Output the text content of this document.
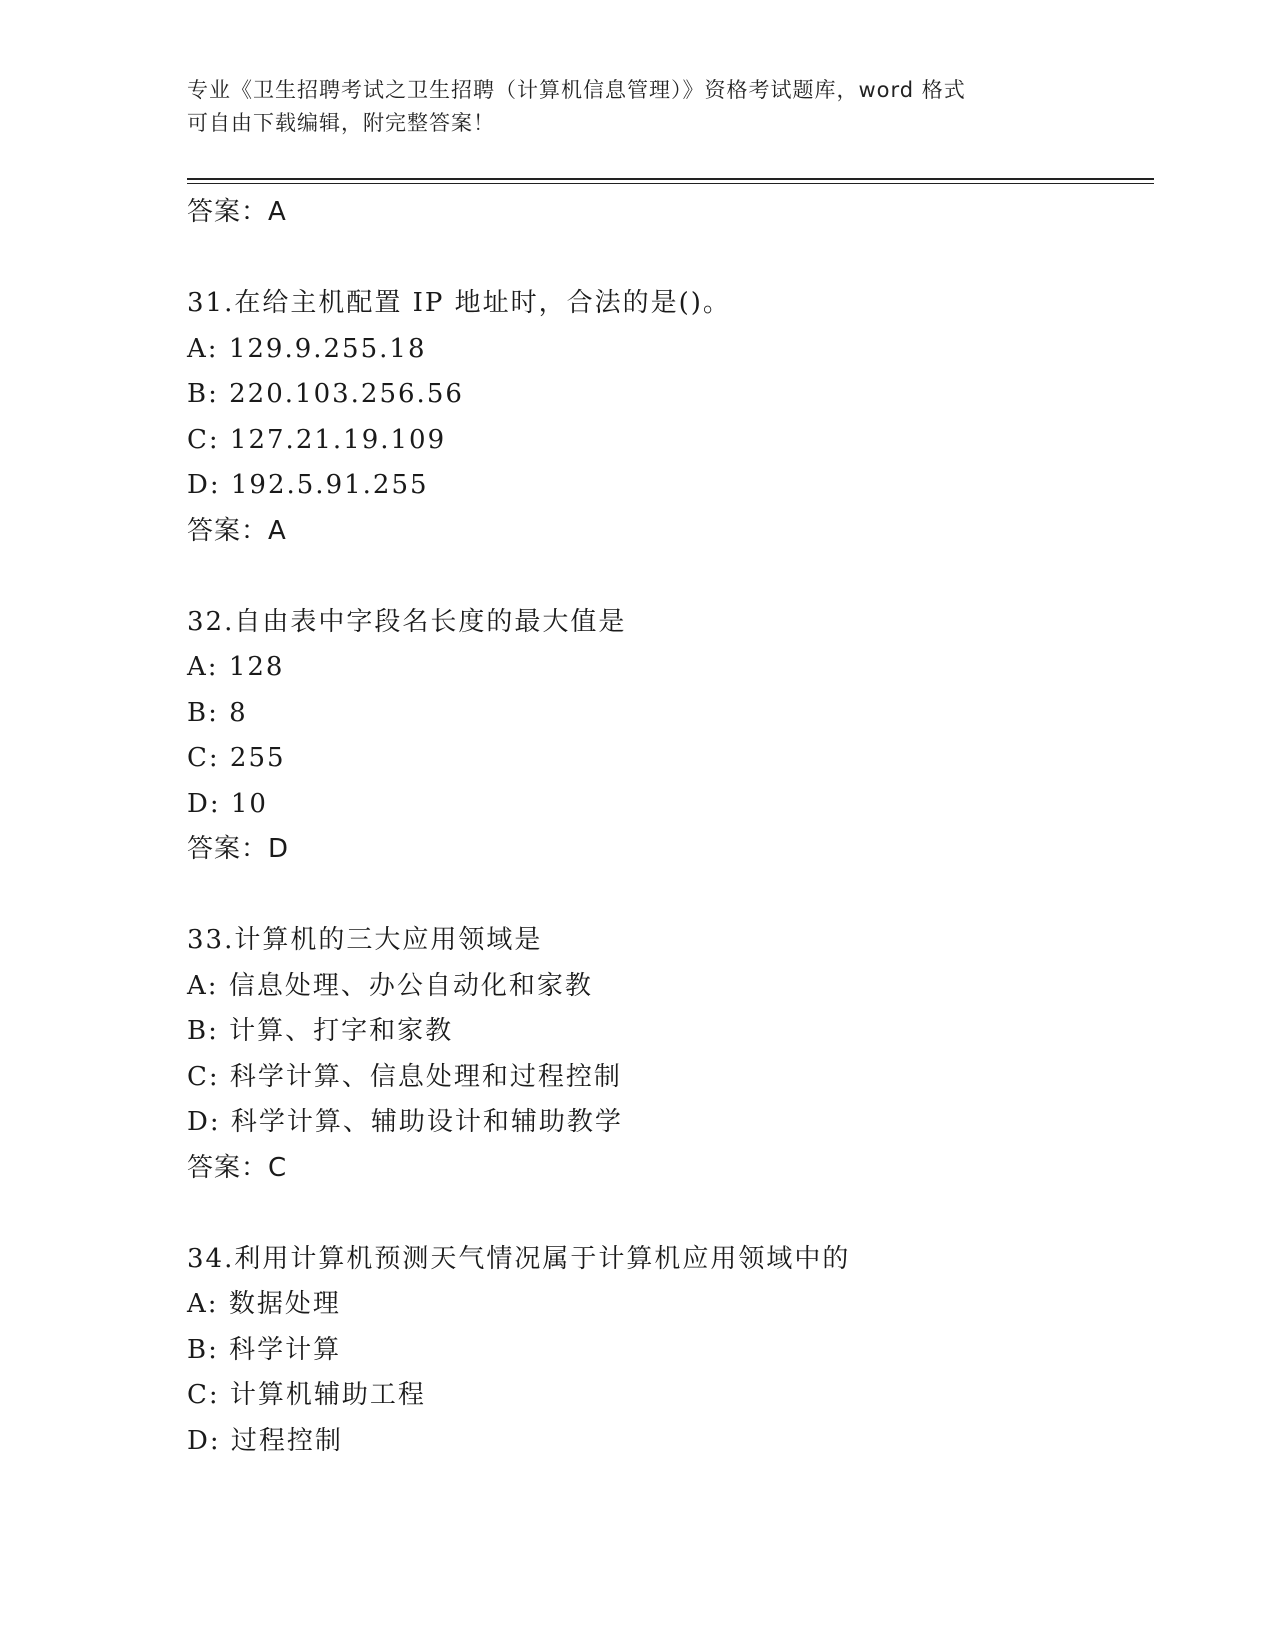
专业《卫生招聘考试之卫生招聘（计算机信息管理）》资格考试题库，word 格式
可自由下载编辑，附完整答案！
答案：A
31.在给主机配置 IP 地址时，合法的是()。
A: 129.9.255.18
B: 220.103.256.56
C: 127.21.19.109
D: 192.5.91.255
答案：A
32.自由表中字段名长度的最大值是
A: 128
B: 8
C: 255
D: 10
答案：D
33.计算机的三大应用领域是
A: 信息处理、办公自动化和家教
B: 计算、打字和家教
C: 科学计算、信息处理和过程控制
D: 科学计算、辅助设计和辅助教学
答案：C
34.利用计算机预测天气情况属于计算机应用领域中的
A: 数据处理
B: 科学计算
C: 计算机辅助工程
D: 过程控制
